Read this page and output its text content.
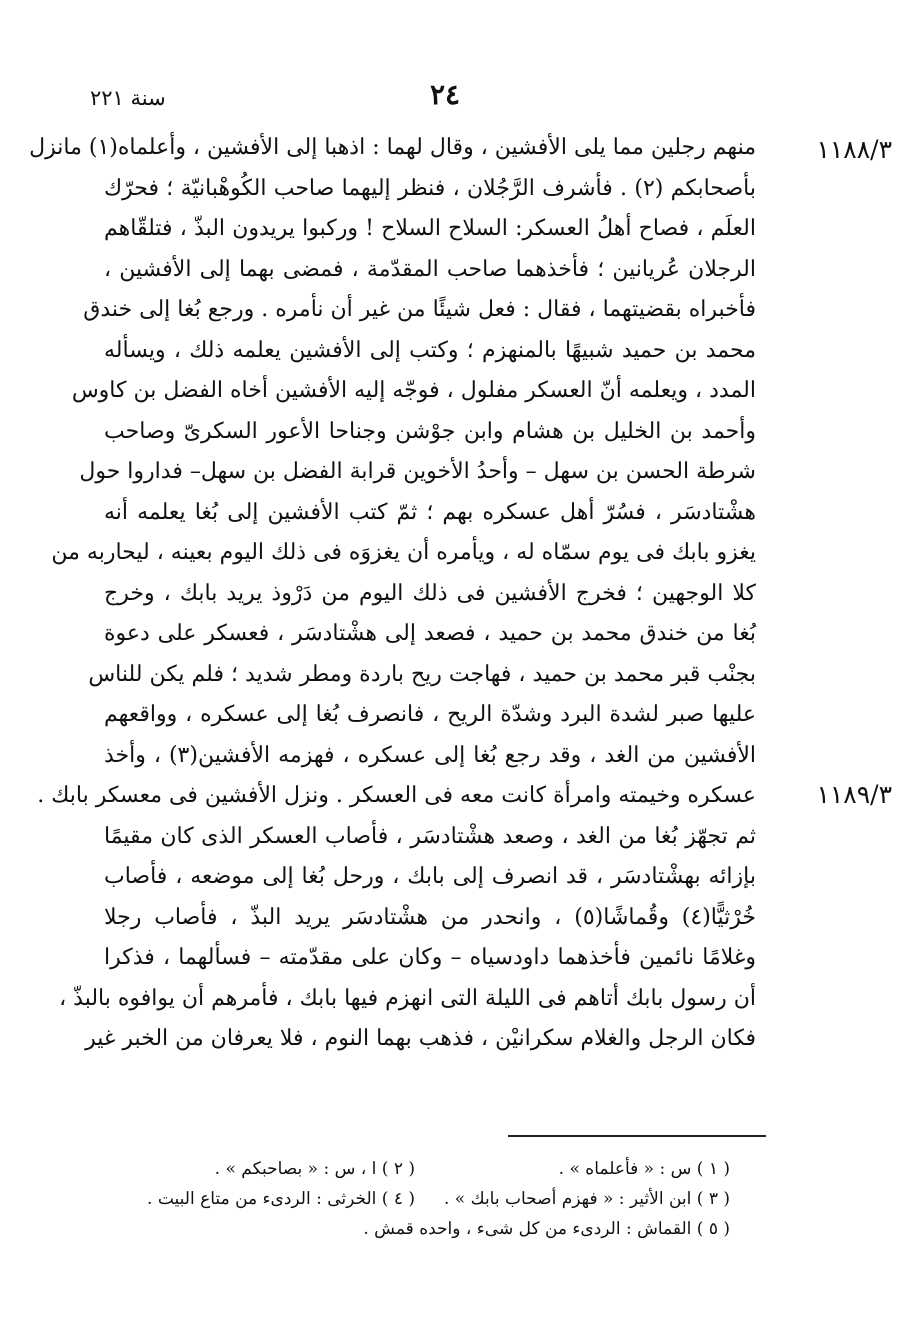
٢٤
سنة ٢٢١
١١٨٨/٣
١١٨٩/٣
منهم رجلين مما يلى الأفشين ، وقال لهما : اذهبا إلى الأفشين ، وأعلماه(١) مانزل
بأصحابكم (٢) . فأشرف الرَّجُلان ، فنظر إليهما صاحب الكُوهْبانيّة ؛ فحرّك
العلَم ، فصاح أهلُ العسكر: السلاح السلاح ! وركبوا يريدون البذّ ، فتلقّاهم
الرجلان عُريانين ؛ فأخذهما صاحب المقدّمة ، فمضى بهما إلى الأفشين ،
فأخبراه بقضيتهما ، فقال : فعل شيئًا من غير أن نأمره . ورجع بُغا إلى خندق
محمد بن حميد شبيهًا بالمنهزم ؛ وكتب إلى الأفشين يعلمه ذلك ، ويسأله
المدد ، ويعلمه أنّ العسكر مفلول ، فوجّه إليه الأفشين أخاه الفضل بن كاوس
وأحمد بن الخليل بن هشام وابن جوْشن وجناحا الأعور السكرىّ وصاحب
شرطة الحسن بن سهل – وأحدُ الأخوين قرابة الفضل بن سهل– فداروا حول
هشْتادسَر ، فسُرّ أهل عسكره بهم ؛ ثمّ كتب الأفشين إلى بُغا يعلمه أنه
يغزو بابك فى يوم سمّاه له ، ويأمره أن يغزوَه فى ذلك اليوم بعينه ، ليحاربه من
كلا الوجهين ؛ فخرج الأفشين فى ذلك اليوم من دَرْوذ يريد بابك ، وخرج
بُغا من خندق محمد بن حميد ، فصعد إلى هشْتادسَر ، فعسكر على دعوة
بجنْب قبر محمد بن حميد ، فهاجت ريح باردة ومطر شديد ؛ فلم يكن للناس
عليها صبر لشدة البرد وشدّة الريح ، فانصرف بُغا إلى عسكره ، وواقعهم
الأفشين من الغد ، وقد رجع بُغا إلى عسكره ، فهزمه الأفشين(٣) ، وأخذ
عسكره وخيمته وامرأة كانت معه فى العسكر . ونزل الأفشين فى معسكر بابك .
ثم تجهّز بُغا من الغد ، وصعد هشْتادسَر ، فأصاب العسكر الذى كان مقيمًا
بإزائه بهشْتادسَر ، قد انصرف إلى بابك ، ورحل بُغا إلى موضعه ، فأصاب
خُرْثيًّا(٤) وقُماشًا(٥) ، وانحدر من هشْتادسَر يريد البذّ ، فأصاب رجلا
وغلامًا نائمين فأخذهما داودسياه – وكان على مقدّمته – فسألهما ، فذكرا
أن رسول بابك أتاهم فى الليلة التى انهزم فيها بابك ، فأمرهم أن يوافوه بالبذّ ،
فكان الرجل والغلام سكرانيْن ، فذهب بهما النوم ، فلا يعرفان من الخبر غير
( ١ ) س : « فأعلماه » .
( ٢ ) ا ، س : « بصاحبكم » .
( ٣ ) ابن الأثير : « فهزم أصحاب بابك » .
( ٤ ) الخرثى : الردىء من متاع البيت .
( ٥ ) القماش : الردىء من كل شىء ، واحده قمش .
